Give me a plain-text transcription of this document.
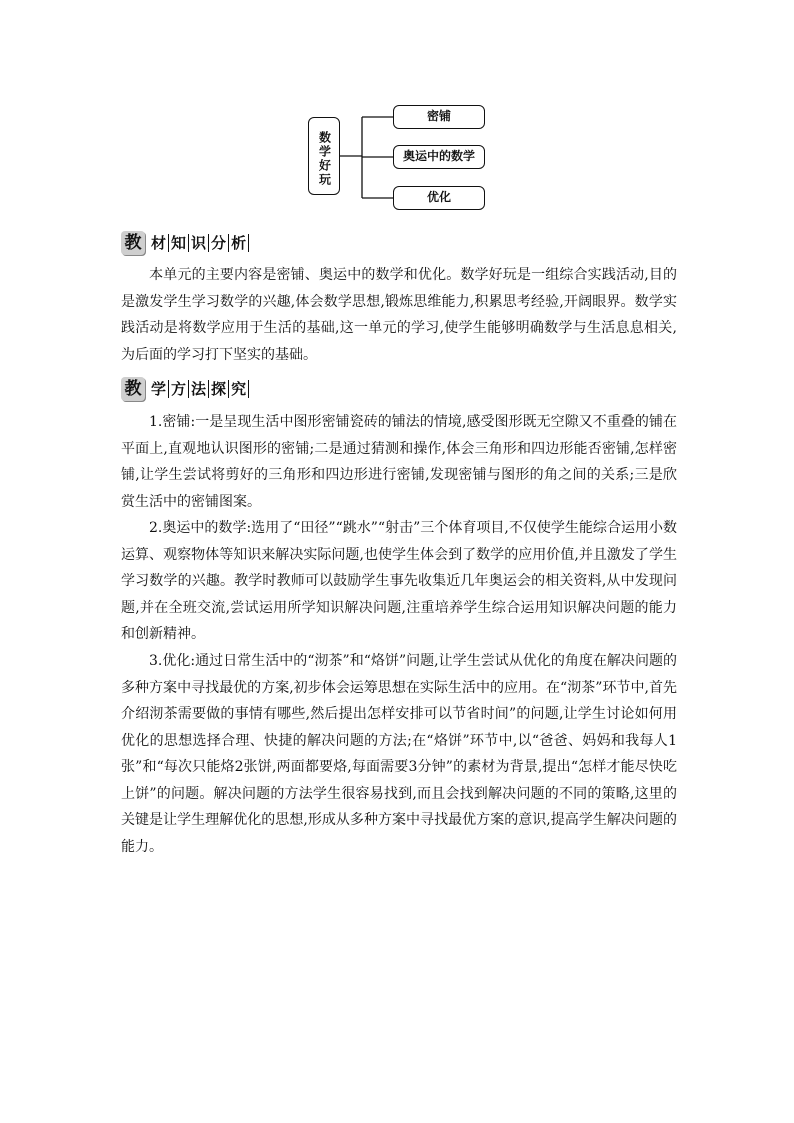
数学好玩
密铺
奥运中的数学
优化
教 材 知 识 分 析

本单元的主要内容是密铺、奥运中的数学和优化。数学好玩是一组综合实践活动,目的是激发学生学习数学的兴趣,体会数学思想,锻炼思维能力,积累思考经验,开阔眼界。数学实践活动是将数学应用于生活的基础,这一单元的学习,使学生能够明确数学与生活息息相关,为后面的学习打下坚实的基础。

教 学 方 法 探 究

1.密铺:一是呈现生活中图形密铺瓷砖的铺法的情境,感受图形既无空隙又不重叠的铺在平面上,直观地认识图形的密铺;二是通过猜测和操作,体会三角形和四边形能否密铺,怎样密铺,让学生尝试将剪好的三角形和四边形进行密铺,发现密铺与图形的角之间的关系;三是欣赏生活中的密铺图案。

2.奥运中的数学:选用了“田径”“跳水”“射击”三个体育项目,不仅使学生能综合运用小数运算、观察物体等知识来解决实际问题,也使学生体会到了数学的应用价值,并且激发了学生学习数学的兴趣。教学时教师可以鼓励学生事先收集近几年奥运会的相关资料,从中发现问题,并在全班交流,尝试运用所学知识解决问题,注重培养学生综合运用知识解决问题的能力和创新精神。

3.优化:通过日常生活中的“沏茶”和“烙饼”问题,让学生尝试从优化的角度在解决问题的多种方案中寻找最优的方案,初步体会运筹思想在实际生活中的应用。在“沏茶”环节中,首先介绍沏茶需要做的事情有哪些,然后提出怎样安排可以节省时间”的问题,让学生讨论如何用优化的思想选择合理、快捷的解决问题的方法;在“烙饼”环节中,以“爸爸、妈妈和我每人1张”和“每次只能烙2张饼,两面都要烙,每面需要3分钟”的素材为背景,提出“怎样才能尽快吃上饼”的问题。解决问题的方法学生很容易找到,而且会找到解决问题的不同的策略,这里的关键是让学生理解优化的思想,形成从多种方案中寻找最优方案的意识,提高学生解决问题的能力。
